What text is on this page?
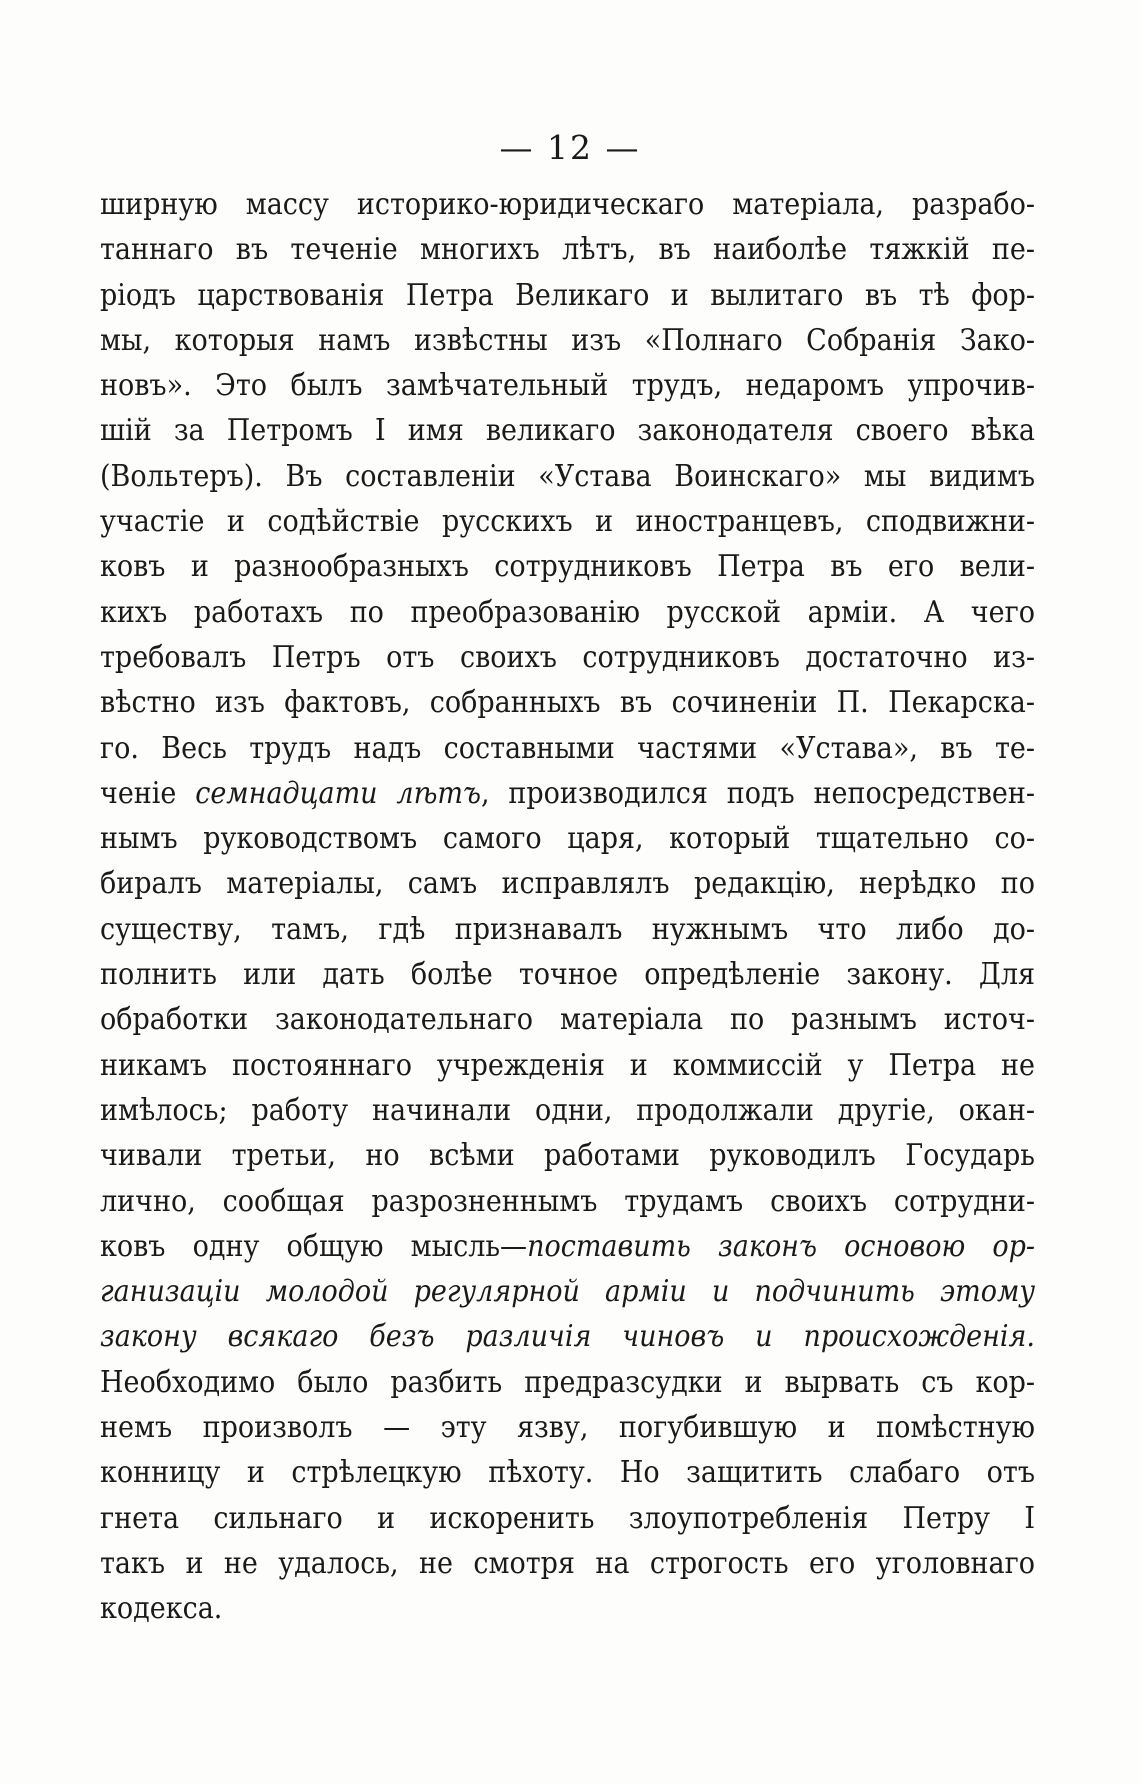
— 12 —
ширную массу историко-юридическаго матеріала, разрабо-
таннаго въ теченіе многихъ лѣтъ, въ наиболѣе тяжкій пе-
ріодъ царствованія Петра Великаго и вылитаго въ тѣ фор-
мы, которыя намъ извѣстны изъ «Полнаго Собранія Зако-
новъ». Это былъ замѣчательный трудъ, недаромъ упрочив-
шій за Петромъ I имя великаго законодателя своего вѣка
(Вольтеръ). Въ составленіи «Устава Воинскаго» мы видимъ
участіе и содѣйствіе русскихъ и иностранцевъ, сподвижни-
ковъ и разнообразныхъ сотрудниковъ Петра въ его вели-
кихъ работахъ по преобразованію русской арміи. А чего
требовалъ Петръ отъ своихъ сотрудниковъ достаточно из-
вѣстно изъ фактовъ, собранныхъ въ сочиненіи П. Пекарска-
го. Весь трудъ надъ составными частями «Устава», въ те-
ченіе семнадцати лѣтъ, производился подъ непосредствен-
нымъ руководствомъ самого царя, который тщательно со-
биралъ матеріалы, самъ исправлялъ редакцію, нерѣдко по
существу, тамъ, гдѣ признавалъ нужнымъ что либо до-
полнить или дать болѣе точное опредѣленіе закону. Для
обработки законодательнаго матеріала по разнымъ источ-
никамъ постояннаго учрежденія и коммиссій у Петра не
имѣлось; работу начинали одни, продолжали другіе, окан-
чивали третьи, но всѣми работами руководилъ Государь
лично, сообщая разрозненнымъ трудамъ своихъ сотрудни-
ковъ одну общую мысль—поставить законъ основою ор-
ганизаціи молодой регулярной арміи и подчинить этому
закону всякаго безъ различія чиновъ и происхожденія.
Необходимо было разбить предразсудки и вырвать съ кор-
немъ произволъ — эту язву, погубившую и помѣстную
конницу и стрѣлецкую пѣхоту. Но защитить слабаго отъ
гнета сильнаго и искоренить злоупотребленія Петру I
такъ и не удалось, не смотря на строгость его уголовнаго
кодекса.
